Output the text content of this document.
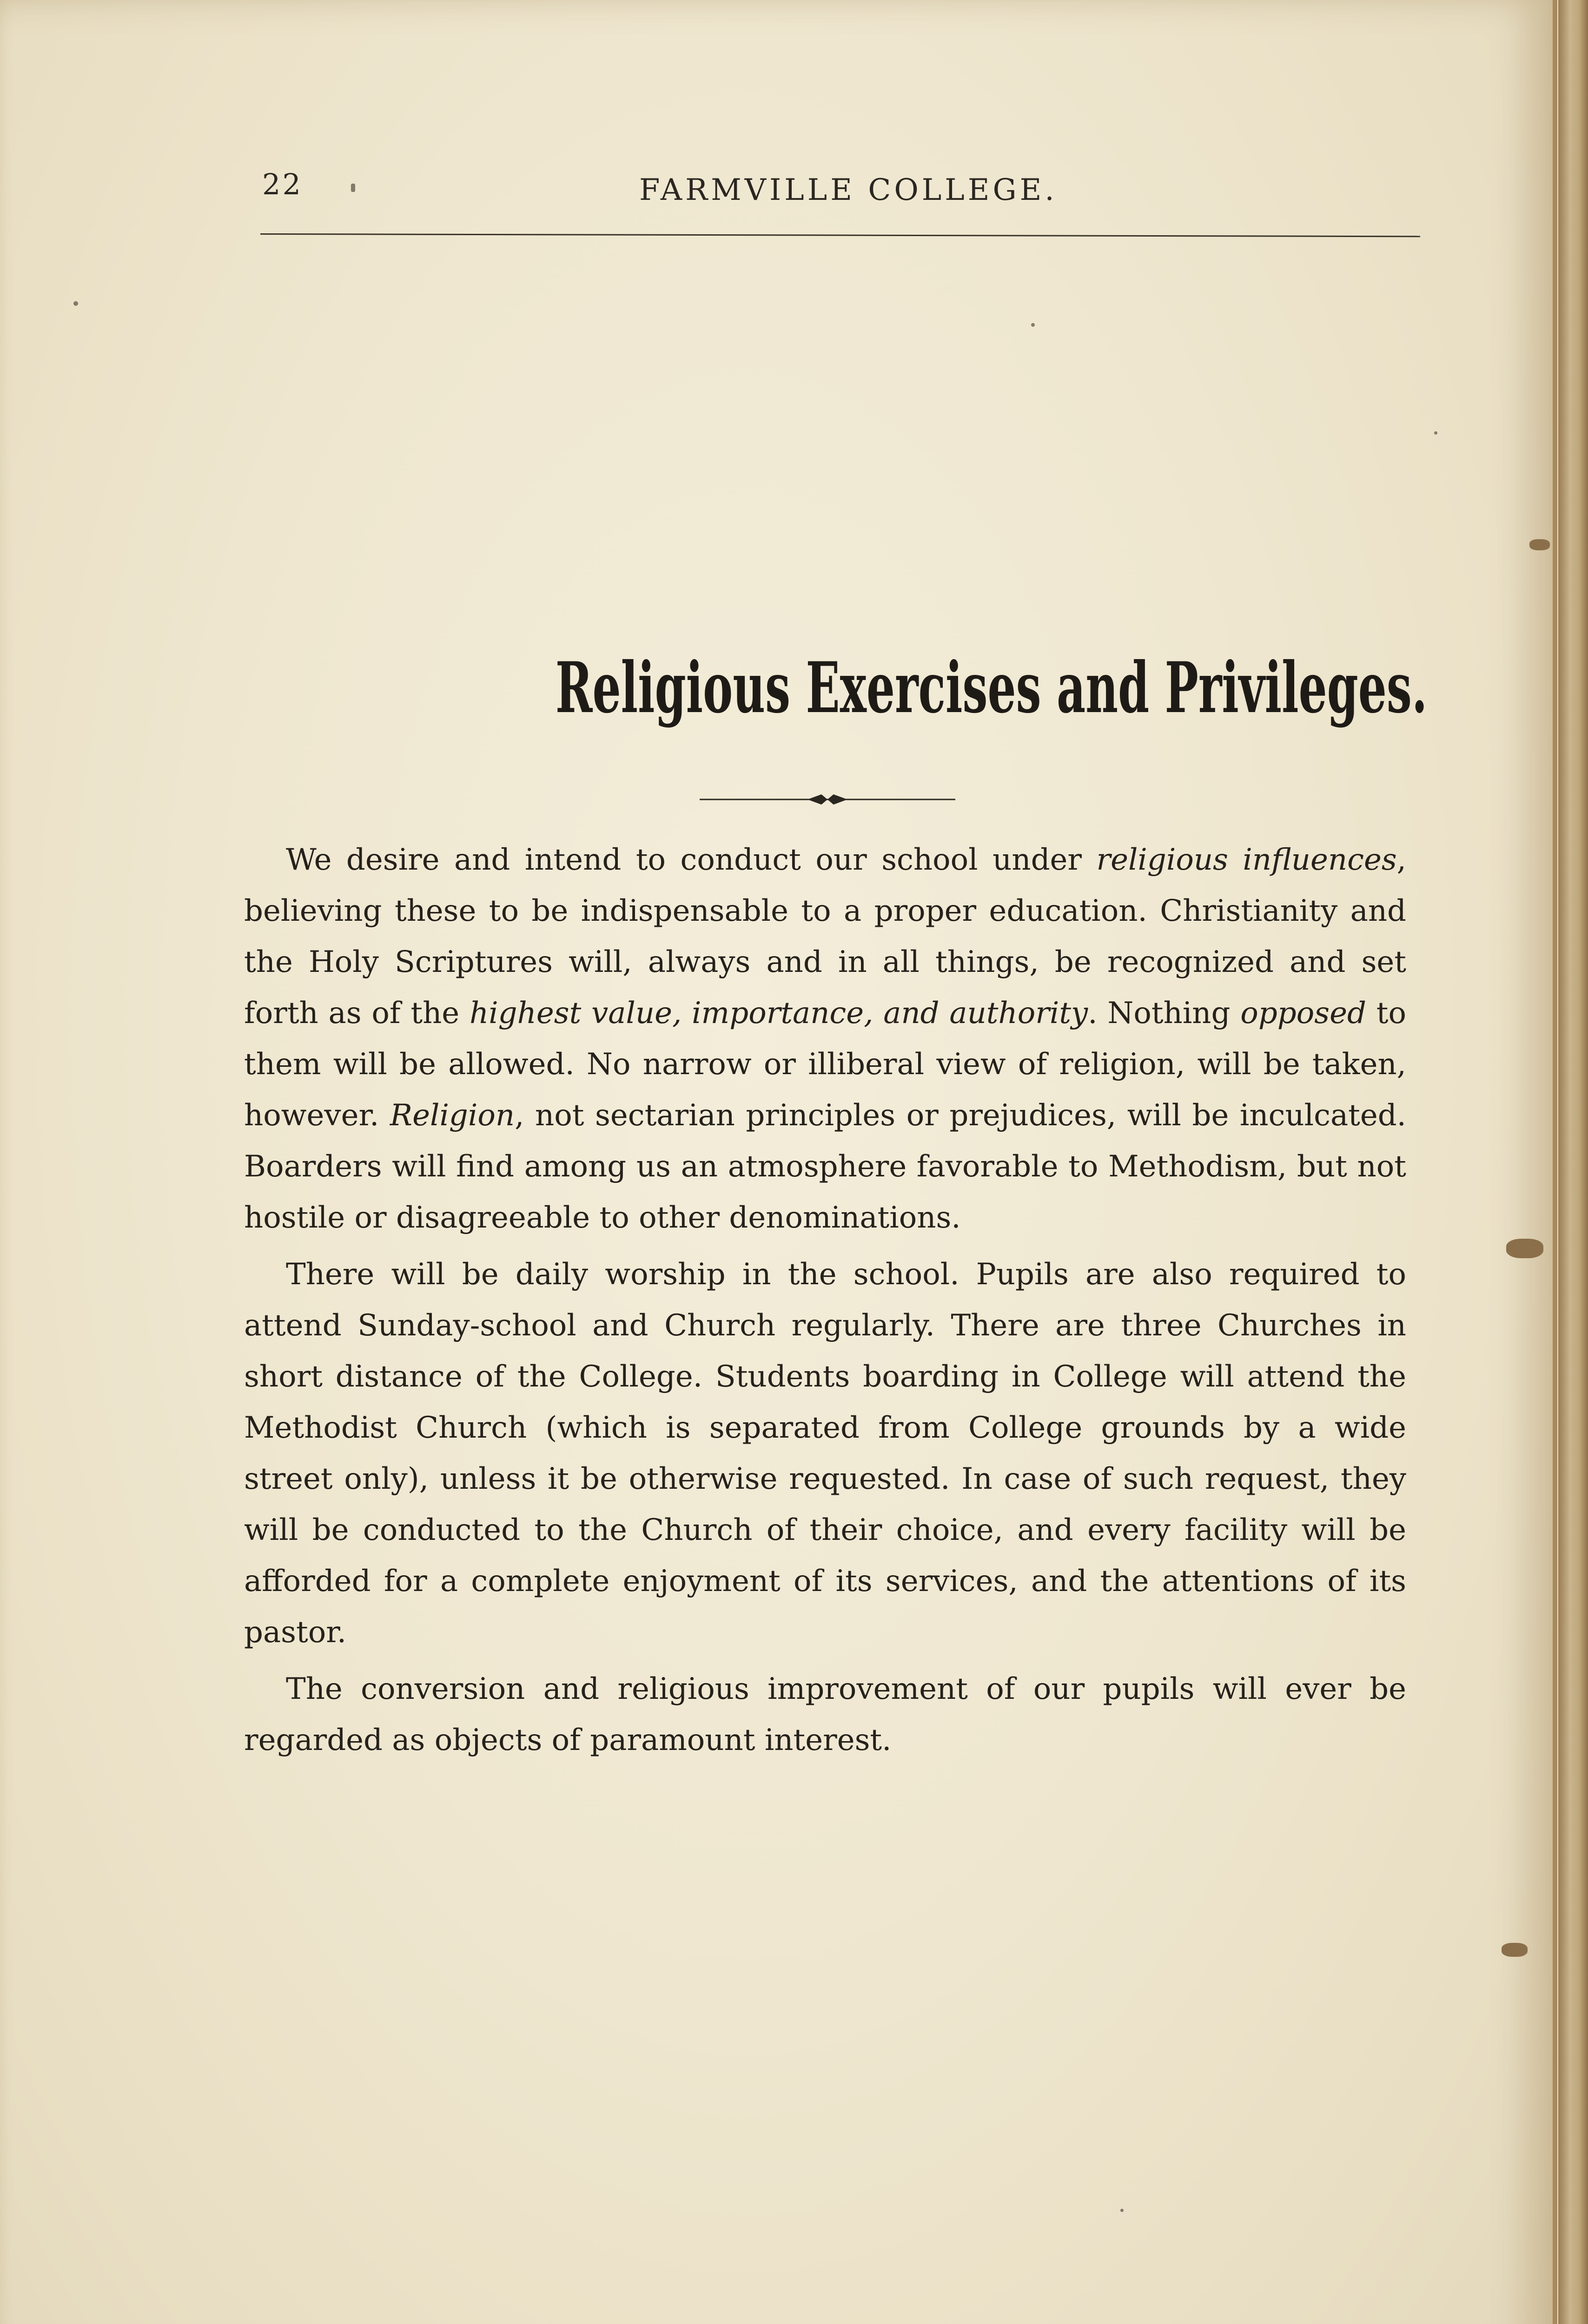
22	FARMVILLE COLLEGE.
Religious Exercises and Privileges.

We desire and intend to conduct our school under religious influences, believing these to be indispensable to a proper education. Christianity and the Holy Scriptures will, always and in all things, be recognized and set forth as of the highest value, importance, and authority. Nothing opposed to them will be allowed. No narrow or illiberal view of religion, will be taken, however. Religion, not sectarian principles or prejudices, will be inculcated. Boarders will find among us an atmosphere favorable to Methodism, but not hostile or disagreeable to other denominations.

There will be daily worship in the school. Pupils are also required to attend Sunday-school and Church regularly. There are three Churches in short distance of the College. Students boarding in College will attend the Methodist Church (which is separated from College grounds by a wide street only), unless it be otherwise requested. In case of such request, they will be conducted to the Church of their choice, and every facility will be afforded for a complete enjoyment of its services, and the attentions of its pastor.

The conversion and religious improvement of our pupils will ever be regarded as objects of paramount interest.
